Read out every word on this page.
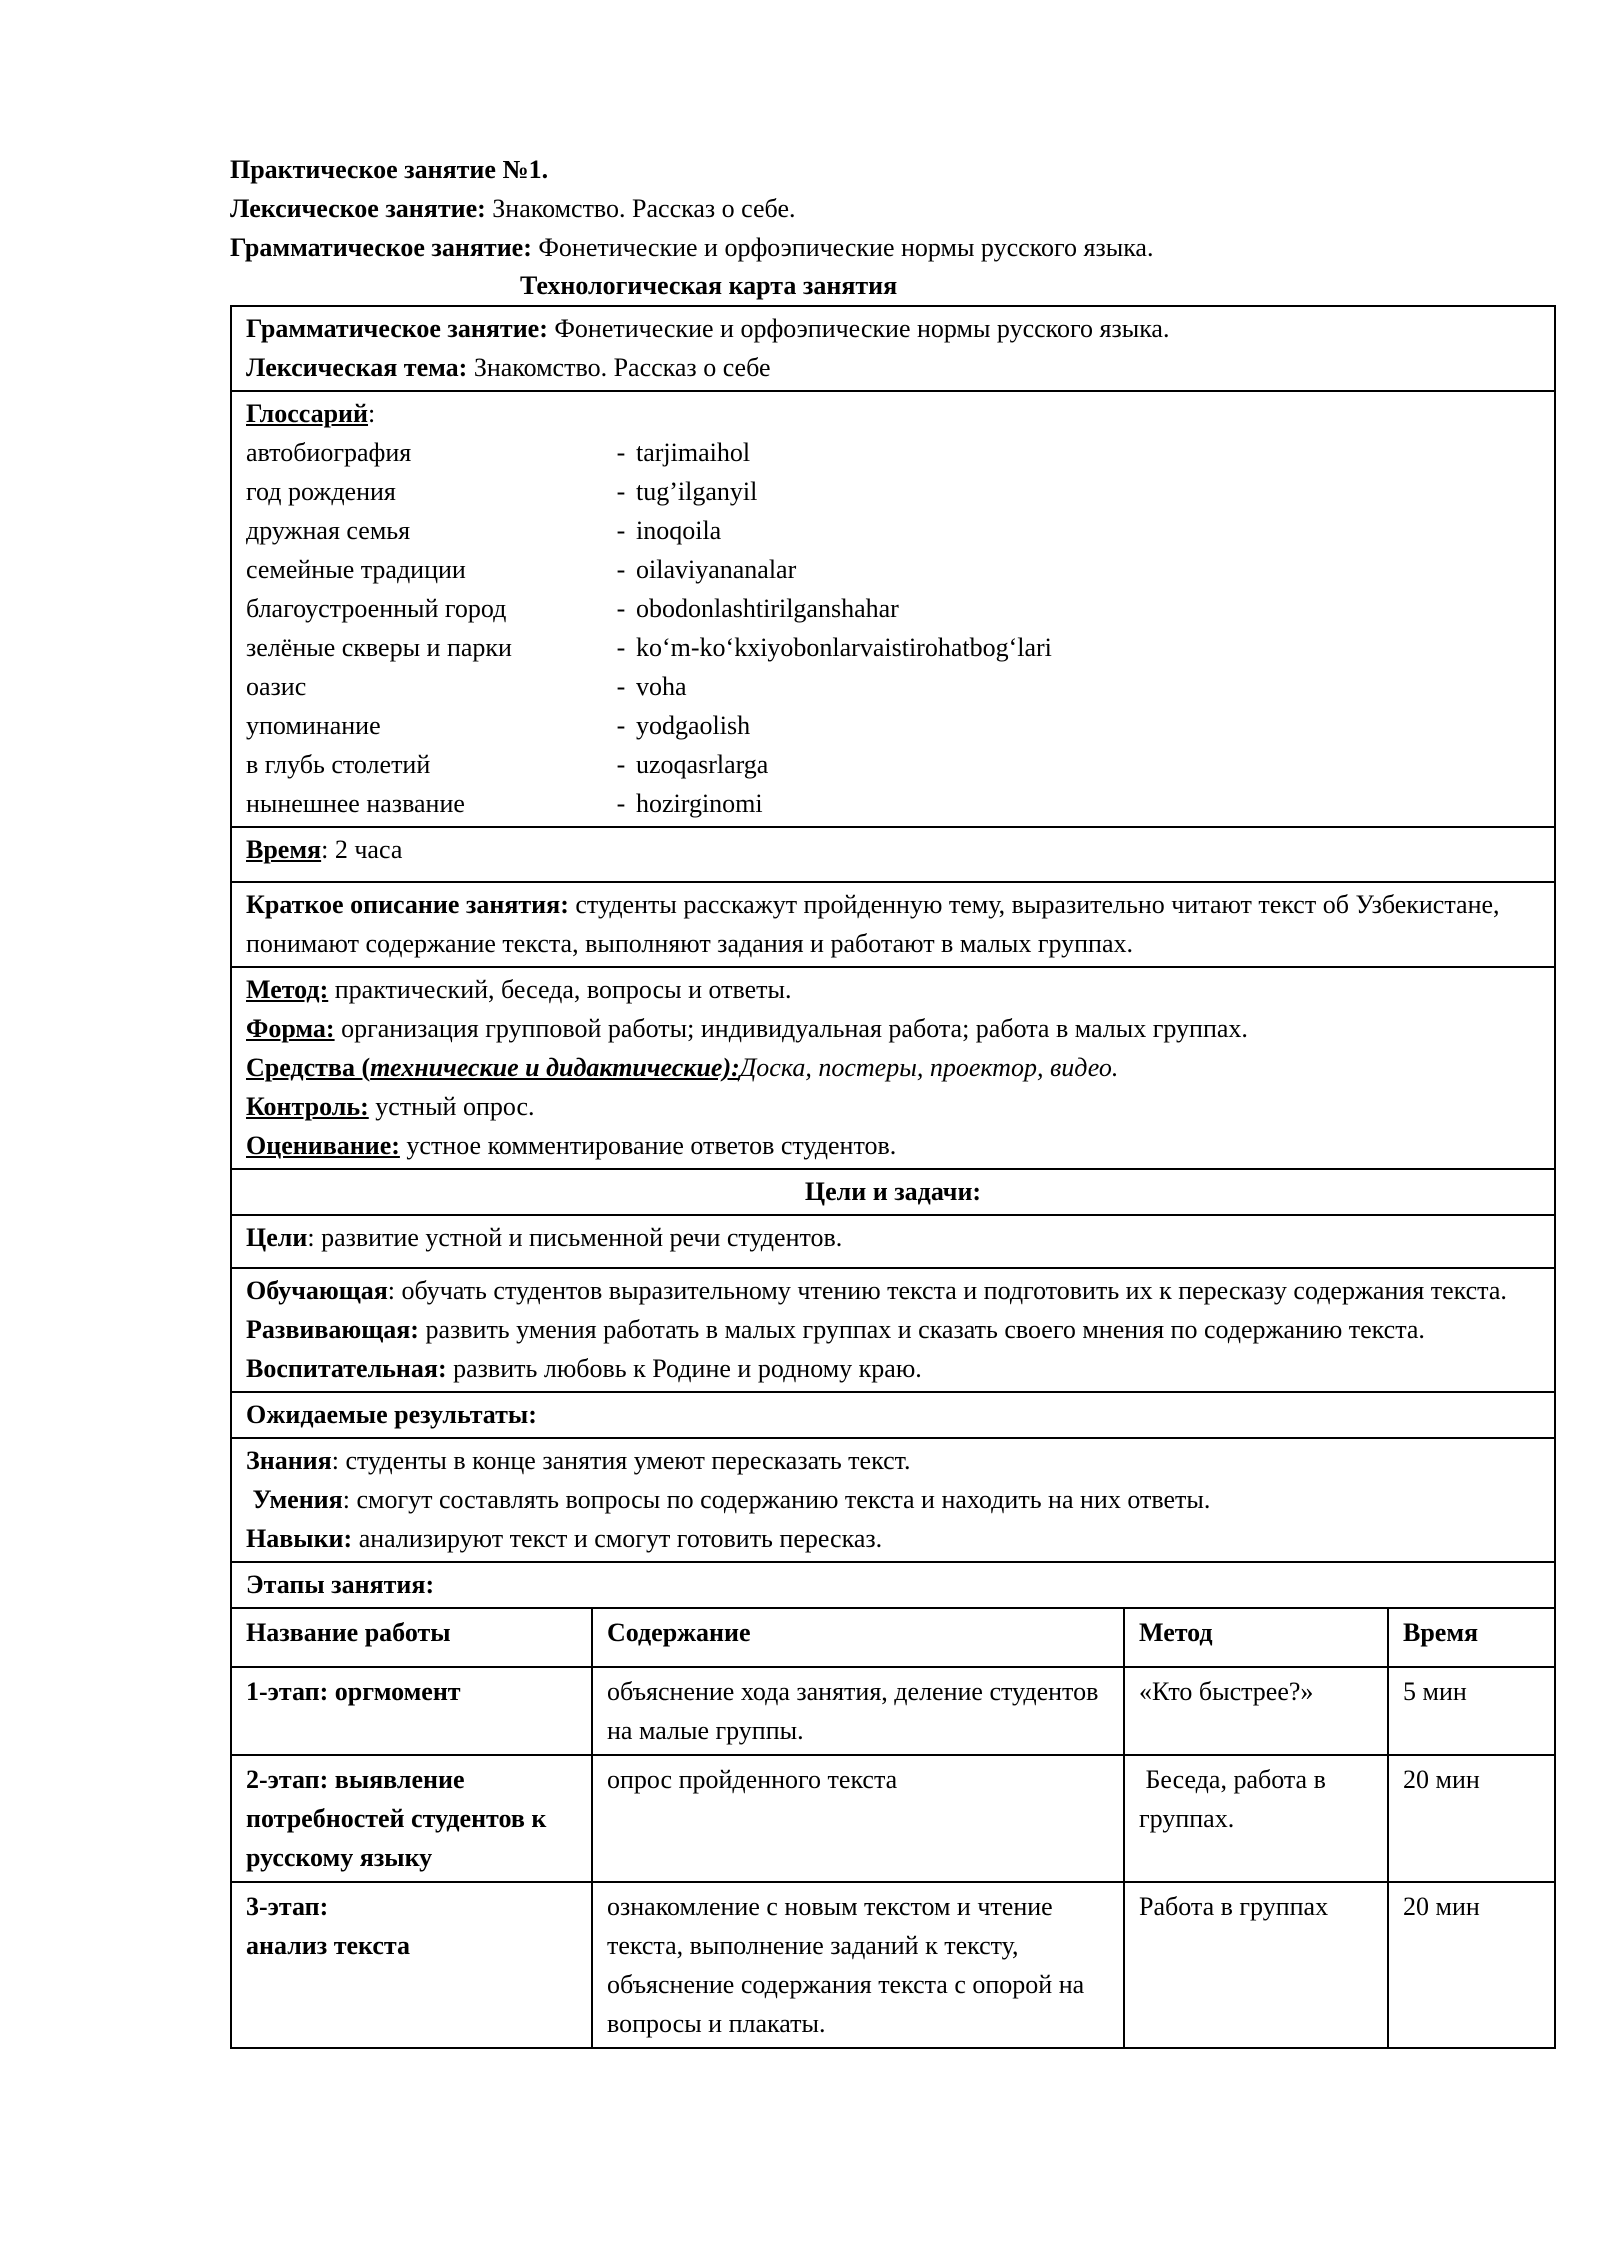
Практическое занятие №1.

Лексическое занятие: Знакомство. Рассказ о себе.

Грамматическое занятие: Фонетические и орфоэпические нормы русского языка.

Технологическая карта занятия

Грамматическое занятие: Фонетические и орфоэпические нормы русского языка.
Лексическая тема: Знакомство. Рассказ о себе

Глоссарий:
автобиография	- tarjimaihol
год рождения	- tug’ilganyil
дружная семья	- inoqoila
семейные традиции	- oilaviyananalar
благоустроенный город	- obodonlashtirilganshahar
зелёные скверы и парки	- ko‘m-ko‘kxiyobonlarvaistirohatbog‘lari
оазис	- voha
упоминание	- yodgaolish
в глубь столетий	- uzoqasrlarga
нынешнее название	- hozirginomi

Время: 2 часа
Краткое описание занятия: студенты расскажут пройденную тему, выразительно читают текст об Узбекистане, понимают содержание текста, выполняют задания и работают в малых группах.

Метод: практический, беседа, вопросы и ответы.
Форма: организация групповой работы; индивидуальная работа; работа в малых группах.
Средства (технические и дидактические):Доска, постеры, проектор, видео.
Контроль: устный опрос.
Оценивание: устное комментирование ответов студентов.

Цели и задачи:
Цели: развитие устной и письменной речи студентов.

Обучающая: обучать студентов выразительному чтению текста и подготовить их к пересказу содержания текста.
Развивающая: развить умения работать в малых группах и сказать своего мнения по содержанию текста.
Воспитательная: развить любовь к Родине и родному краю.

Ожидаемые результаты:

Знания: студенты в конце занятия умеют пересказать текст.
Умения: смогут составлять вопросы по содержанию текста и находить на них ответы.
Навыки: анализируют текст и смогут готовить пересказ.

Этапы занятия:

Название работы	Содержание	Метод	Время
1-этап: оргмомент	объяснение хода занятия, деление студентов на малые группы.	«Кто быстрее?»	5 мин
2-этап: выявление потребностей студентов к русскому языку	опрос пройденного текста	Беседа, работа в группах.	20 мин
3-этап:
анализ текста	ознакомление с новым текстом и чтение текста, выполнение заданий к тексту, объяснение содержания текста с опорой на вопросы и плакаты.	Работа в группах	20 мин
